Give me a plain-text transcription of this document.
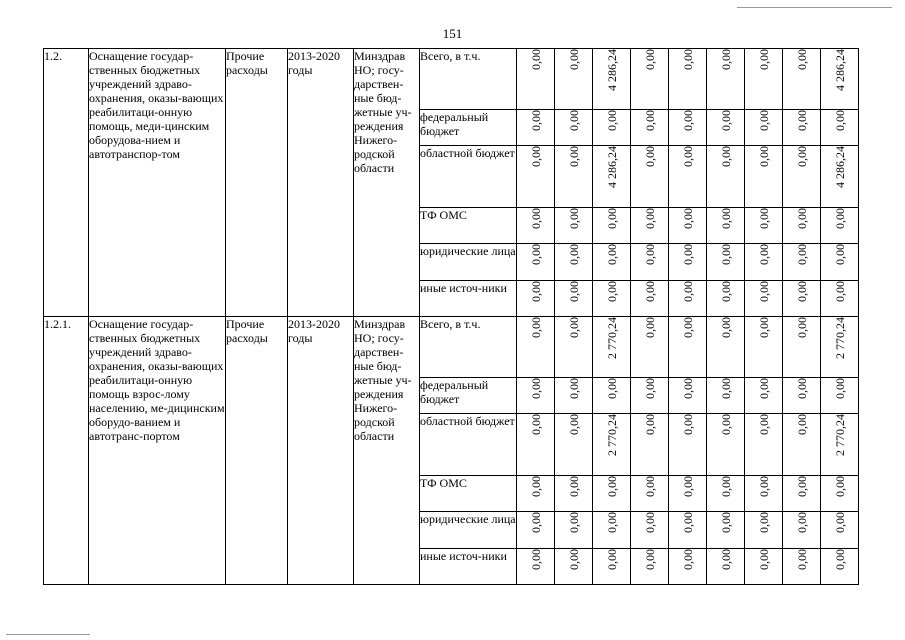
151
1.2.	Оснащение государ-ственных бюджетных учреждений здраво-охранения, оказы-вающих реабилитаци-онную помощь, меди-цинским оборудова-нием и автотранспор-том	Прочие расходы	2013-2020 годы	Минздрав НО; госу-дарствен-ные бюд-жетные уч-реждения Нижего-родской области	Всего, в т.ч.	0,00	0,00	4 286,24	0,00	0,00	0,00	0,00	0,00	4 286,24
					федеральный бюджет	0,00	0,00	0,00	0,00	0,00	0,00	0,00	0,00	0,00
					областной бюджет	0,00	0,00	4 286,24	0,00	0,00	0,00	0,00	0,00	4 286,24
					ТФ ОМС	0,00	0,00	0,00	0,00	0,00	0,00	0,00	0,00	0,00
					юридические лица	0,00	0,00	0,00	0,00	0,00	0,00	0,00	0,00	0,00
					иные источ-ники	0,00	0,00	0,00	0,00	0,00	0,00	0,00	0,00	0,00
1.2.1.	Оснащение государ-ственных бюджетных учреждений здраво-охранения, оказы-вающих реабилитаци-онную помощь взрос-лому населению, ме-дицинским оборудо-ванием и автотранс-портом	Прочие расходы	2013-2020 годы	Минздрав НО; госу-дарствен-ные бюд-жетные уч-реждения Нижего-родской области	Всего, в т.ч.	0,00	0,00	2 770,24	0,00	0,00	0,00	0,00	0,00	2 770,24
					федеральный бюджет	0,00	0,00	0,00	0,00	0,00	0,00	0,00	0,00	0,00
					областной бюджет	0,00	0,00	2 770,24	0,00	0,00	0,00	0,00	0,00	2 770,24
					ТФ ОМС	0,00	0,00	0,00	0,00	0,00	0,00	0,00	0,00	0,00
					юридические лица	0,00	0,00	0,00	0,00	0,00	0,00	0,00	0,00	0,00
					иные источ-ники	0,00	0,00	0,00	0,00	0,00	0,00	0,00	0,00	0,00
